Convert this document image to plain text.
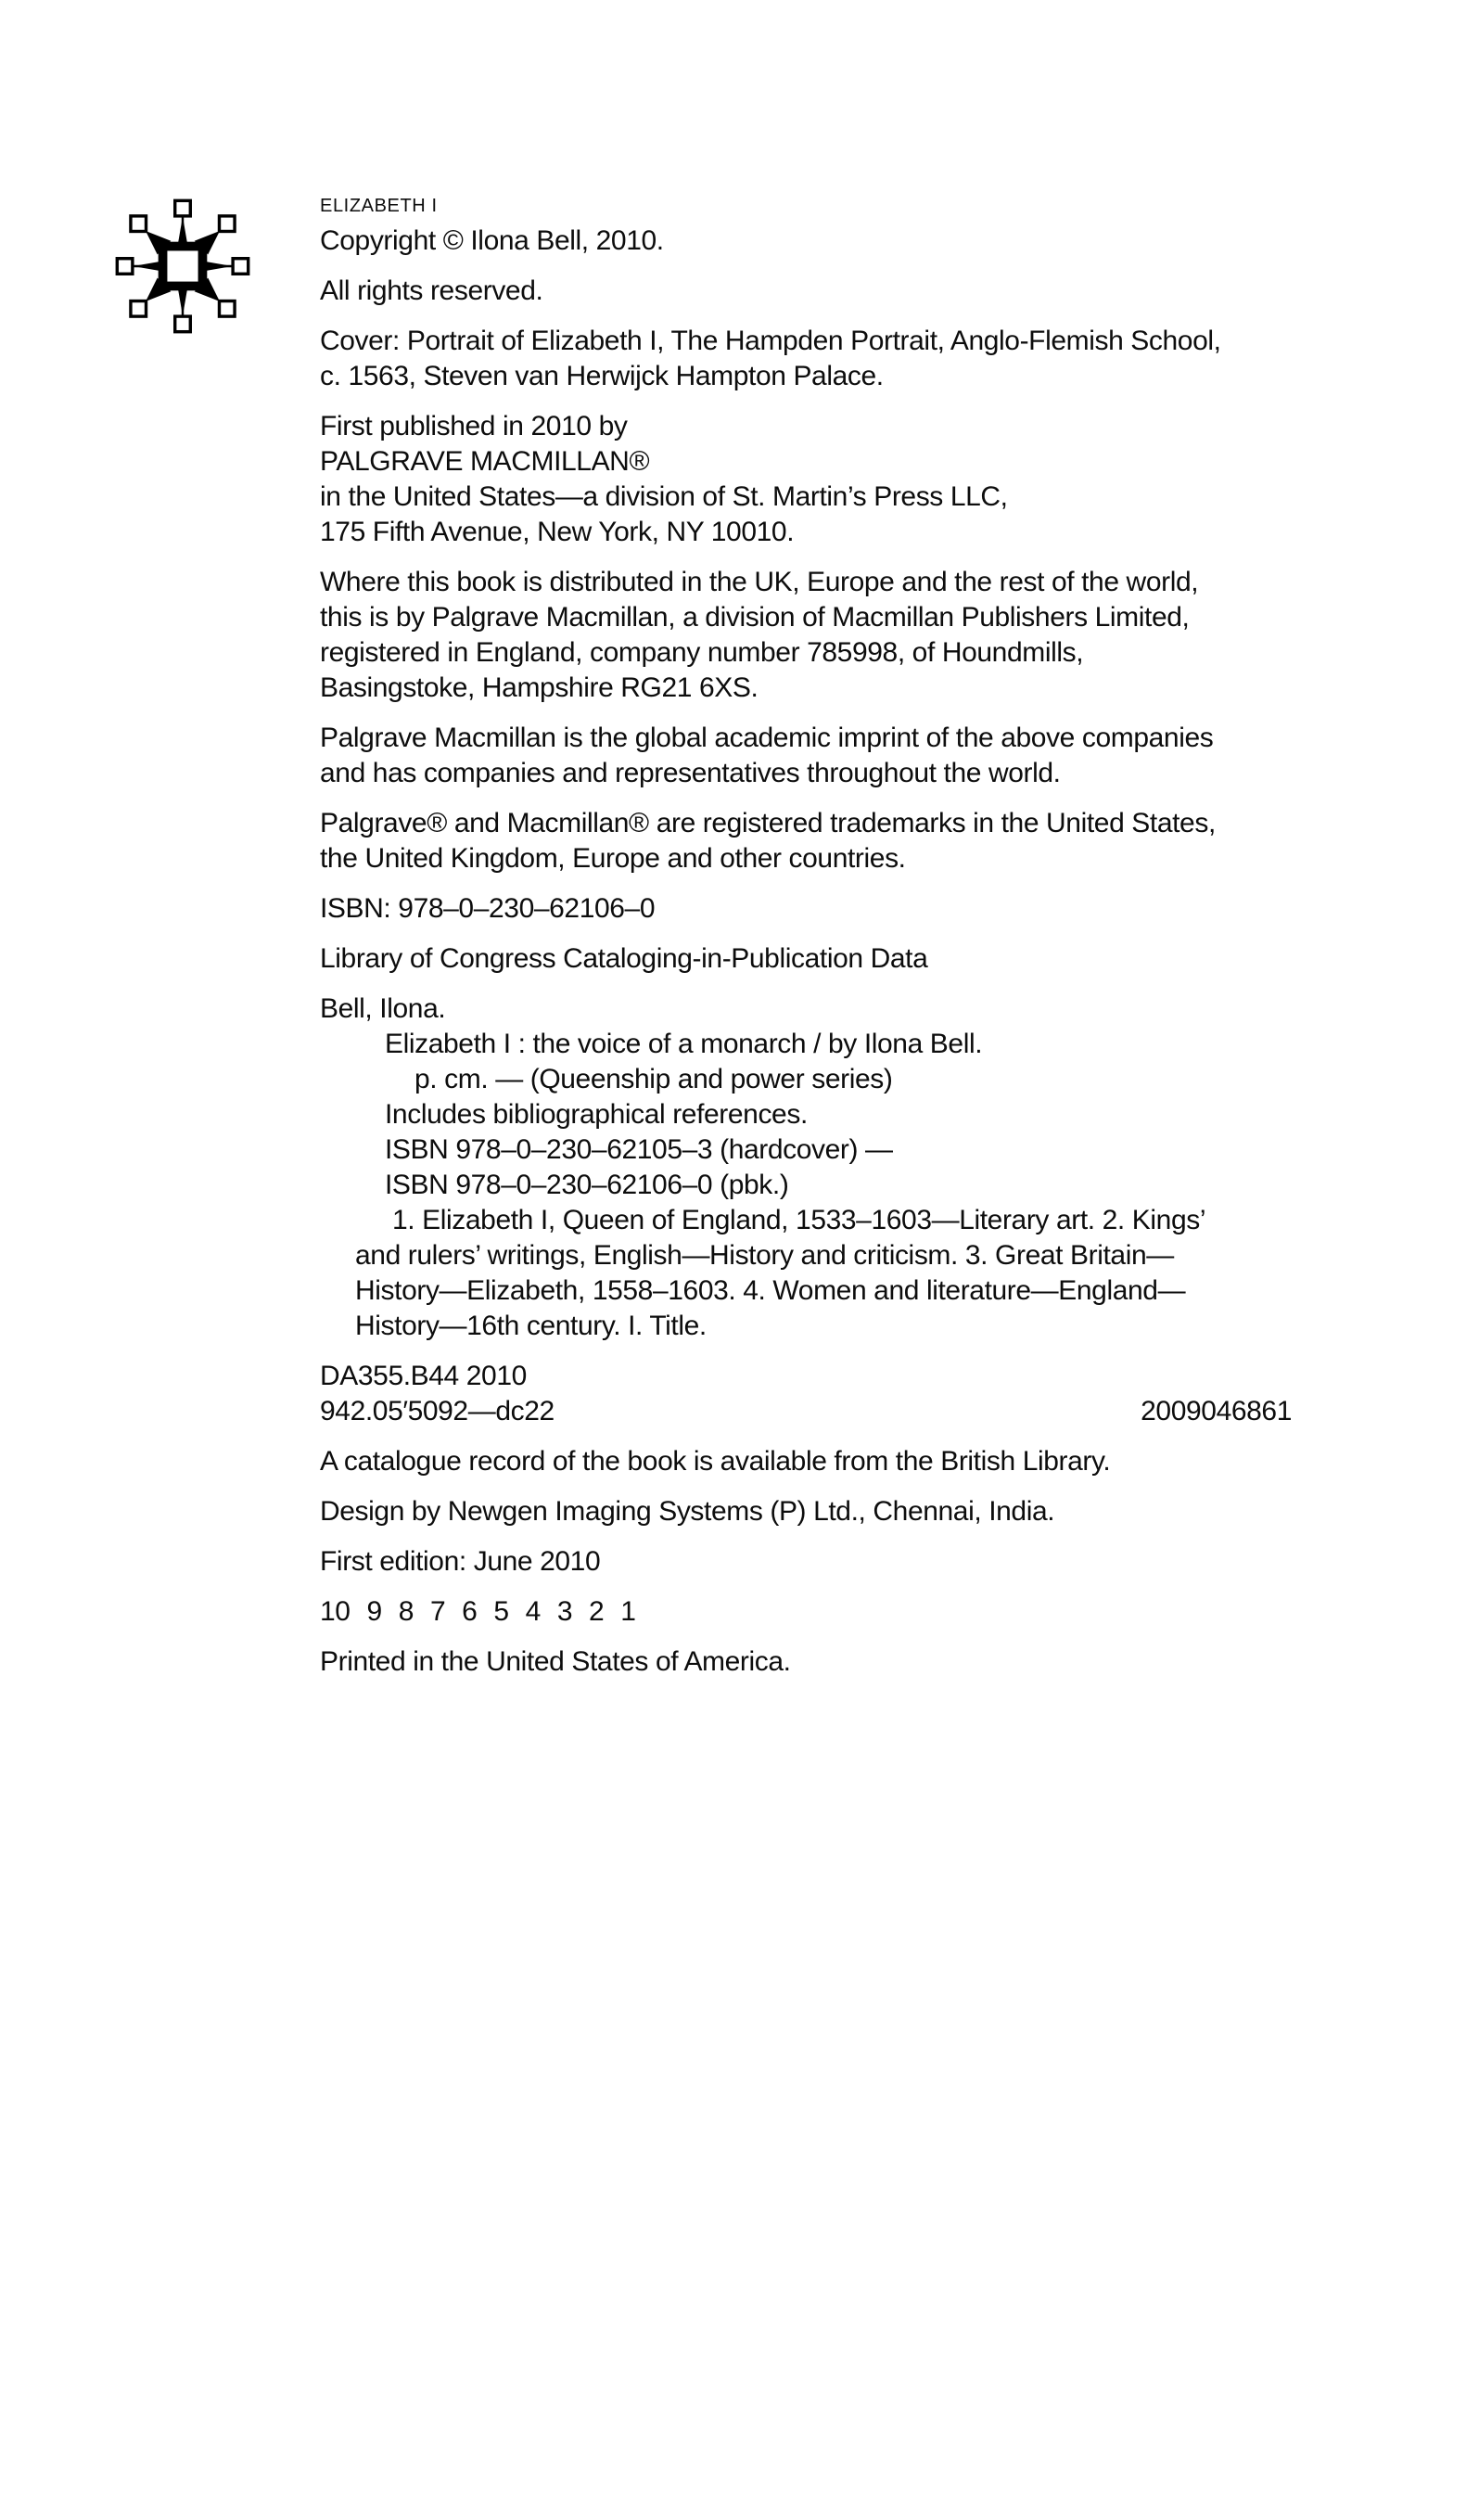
ELIZABETH I
Copyright © Ilona Bell, 2010.
All rights reserved.
Cover: Portrait of Elizabeth I, The Hampden Portrait, Anglo-Flemish School,
c. 1563, Steven van Herwijck Hampton Palace.
First published in 2010 by
PALGRAVE MACMILLAN®
in the United States—a division of St. Martin’s Press LLC,
175 Fifth Avenue, New York, NY 10010.
Where this book is distributed in the UK, Europe and the rest of the world,
this is by Palgrave Macmillan, a division of Macmillan Publishers Limited,
registered in England, company number 785998, of Houndmills,
Basingstoke, Hampshire RG21 6XS.
Palgrave Macmillan is the global academic imprint of the above companies
and has companies and representatives throughout the world.
Palgrave® and Macmillan® are registered trademarks in the United States,
the United Kingdom, Europe and other countries.
ISBN: 978–0–230–62106–0
Library of Congress Cataloging-in-Publication Data
Bell, Ilona.
Elizabeth I : the voice of a monarch / by Ilona Bell.
p. cm. — (Queenship and power series)
Includes bibliographical references.
ISBN 978–0–230–62105–3 (hardcover) —
ISBN 978–0–230–62106–0 (pbk.)
1. Elizabeth I, Queen of England, 1533–1603—Literary art. 2. Kings’
and rulers’ writings, English—History and criticism. 3. Great Britain—
History—Elizabeth, 1558–1603. 4. Women and literature—England—
History—16th century. I. Title.
DA355.B44 2010
942.05′5092—dc22	2009046861
A catalogue record of the book is available from the British Library.
Design by Newgen Imaging Systems (P) Ltd., Chennai, India.
First edition: June 2010
10 9 8 7 6 5 4 3 2 1
Printed in the United States of America.
